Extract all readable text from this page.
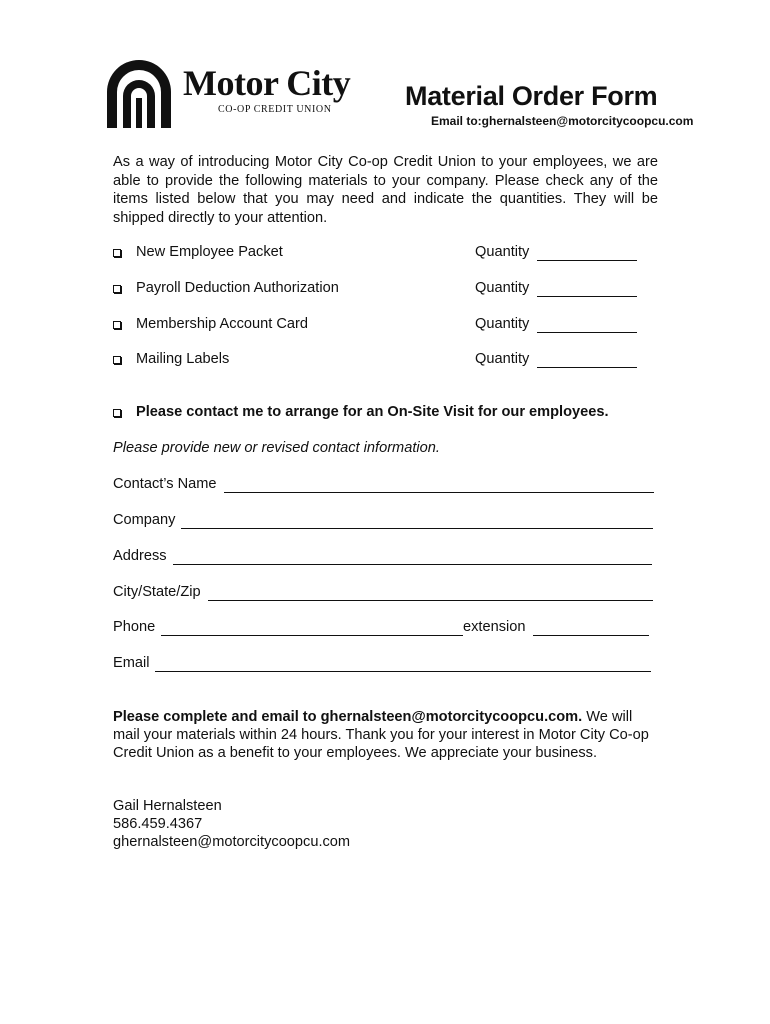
Motor City
CO-OP CREDIT UNION	Material Order Form
Email to:ghernalsteen@motorcitycoopcu.com

As a way of introducing Motor City Co-op Credit Union to your employees, we are able to provide the following materials to your company. Please check any of the items listed below that you may need and indicate the quantities. They will be shipped directly to your attention.

New Employee Packet	Quantity
Payroll Deduction Authorization	Quantity
Membership Account Card	Quantity
Mailing Labels	Quantity
Please contact me to arrange for an On-Site Visit for our employees.
Please provide new or revised contact information.
Contact’s Name
Company
Address
City/State/Zip
Phone	extension
Email

Please complete and email to ghernalsteen@motorcitycoopcu.com. We will mail your materials within 24 hours. Thank you for your interest in Motor City Co-op Credit Union as a benefit to your employees. We appreciate your business.

Gail Hernalsteen
586.459.4367
ghernalsteen@motorcitycoopcu.com
